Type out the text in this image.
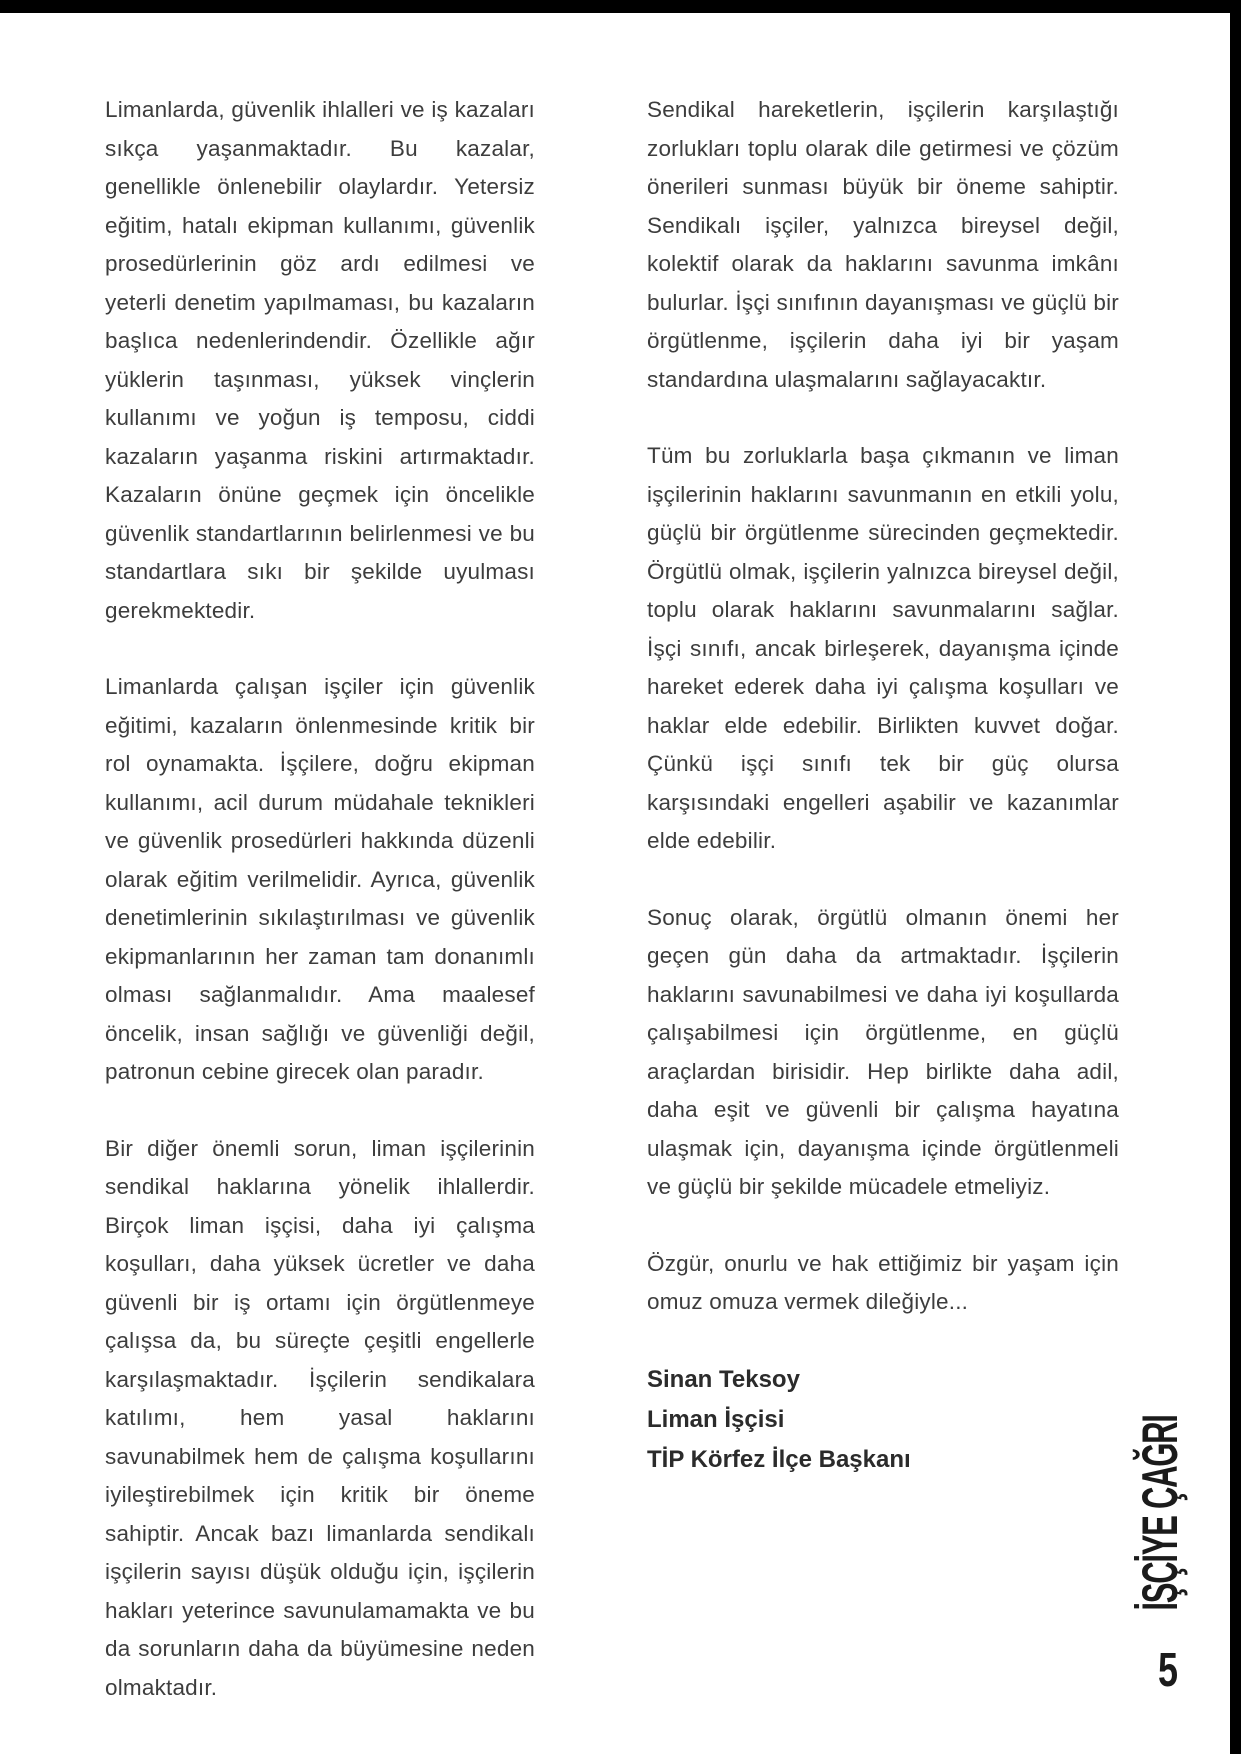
Limanlarda, güvenlik ihlalleri ve iş kazaları sıkça yaşanmaktadır. Bu kazalar, genellikle önlenebilir olaylardır. Yetersiz eğitim, hatalı ekipman kullanımı, güvenlik prosedürlerinin göz ardı edilmesi ve yeterli denetim yapılmaması, bu kazaların başlıca nedenlerindendir. Özellikle ağır yüklerin taşınması, yüksek vinçlerin kullanımı ve yoğun iş temposu, ciddi kazaların yaşanma riskini artırmaktadır. Kazaların önüne geçmek için öncelikle güvenlik standartlarının belirlenmesi ve bu standartlara sıkı bir şekilde uyulması gerekmektedir.

Limanlarda çalışan işçiler için güvenlik eğitimi, kazaların önlenmesinde kritik bir rol oynamakta. İşçilere, doğru ekipman kullanımı, acil durum müdahale teknikleri ve güvenlik prosedürleri hakkında düzenli olarak eğitim verilmelidir. Ayrıca, güvenlik denetimlerinin sıkılaştırılması ve güvenlik ekipmanlarının her zaman tam donanımlı olması sağlanmalıdır. Ama maalesef öncelik, insan sağlığı ve güvenliği değil, patronun cebine girecek olan paradır.

Bir diğer önemli sorun, liman işçilerinin sendikal haklarına yönelik ihlallerdir. Birçok liman işçisi, daha iyi çalışma koşulları, daha yüksek ücretler ve daha güvenli bir iş ortamı için örgütlenmeye çalışsa da, bu süreçte çeşitli engellerle karşılaşmaktadır. İşçilerin sendikalara katılımı, hem yasal haklarını savunabilmek hem de çalışma koşullarını iyileştirebilmek için kritik bir öneme sahiptir. Ancak bazı limanlarda sendikalı işçilerin sayısı düşük olduğu için, işçilerin hakları yeterince savunulamamakta ve bu da sorunların daha da büyümesine neden olmaktadır.

Sendikal hareketlerin, işçilerin karşılaştığı zorlukları toplu olarak dile getirmesi ve çözüm önerileri sunması büyük bir öneme sahiptir. Sendikalı işçiler, yalnızca bireysel değil, kolektif olarak da haklarını savunma imkânı bulurlar. İşçi sınıfının dayanışması ve güçlü bir örgütlenme, işçilerin daha iyi bir yaşam standardına ulaşmalarını sağlayacaktır.

Tüm bu zorluklarla başa çıkmanın ve liman işçilerinin haklarını savunmanın en etkili yolu, güçlü bir örgütlenme sürecinden geçmektedir. Örgütlü olmak, işçilerin yalnızca bireysel değil, toplu olarak haklarını savunmalarını sağlar. İşçi sınıfı, ancak birleşerek, dayanışma içinde hareket ederek daha iyi çalışma koşulları ve haklar elde edebilir. Birlikten kuvvet doğar. Çünkü işçi sınıfı tek bir güç olursa karşısındaki engelleri aşabilir ve kazanımlar elde edebilir.

Sonuç olarak, örgütlü olmanın önemi her geçen gün daha da artmaktadır. İşçilerin haklarını savunabilmesi ve daha iyi koşullarda çalışabilmesi için örgütlenme, en güçlü araçlardan birisidir. Hep birlikte daha adil, daha eşit ve güvenli bir çalışma hayatına ulaşmak için, dayanışma içinde örgütlenmeli ve güçlü bir şekilde mücadele etmeliyiz.

Özgür, onurlu ve hak ettiğimiz bir yaşam için omuz omuza vermek dileğiyle...

Sinan Teksoy
Liman İşçisi
TİP Körfez İlçe Başkanı	İŞÇİYE ÇAĞRI
5
